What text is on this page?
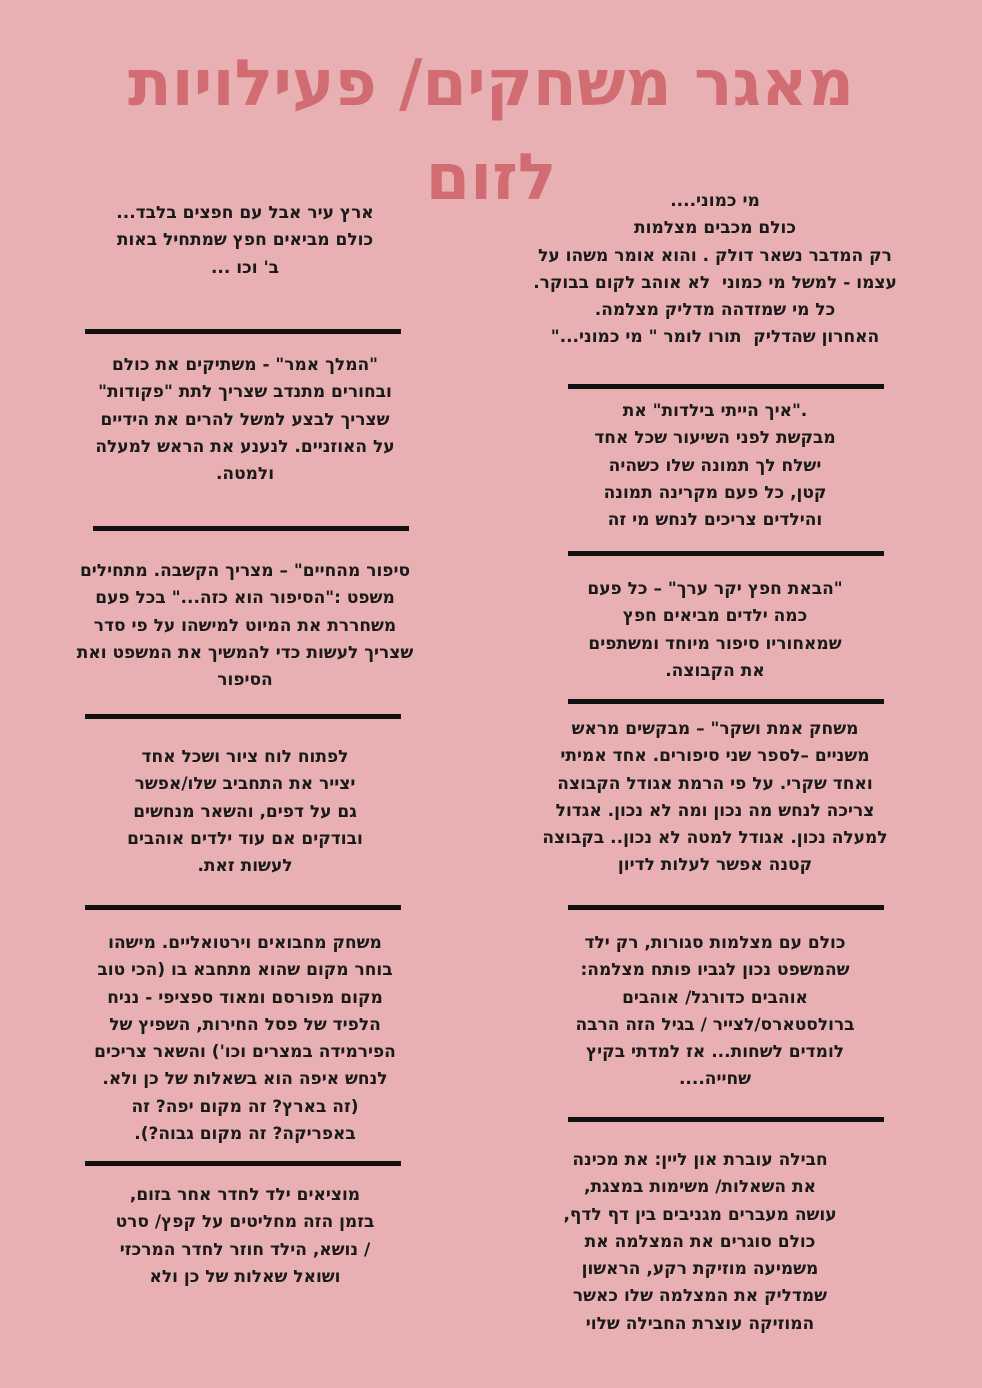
מאגר משחקים/ פעילויות
לזום	מי כמוני....
כולם מכבים מצלמות
רק המדבר נשאר דולק . והוא אומר משהו על
עצמו - למשל מי כמוני  לא אוהב לקום בבוקר.
כל מי שמזדהה מדליק מצלמה.
האחרון שהדליק  תורו לומר " מי כמוני..."
."איך הייתי בילדות" את
מבקשת לפני השיעור שכל אחד
ישלח לך תמונה שלו כשהיה
קטן, כל פעם מקרינה תמונה
והילדים צריכים לנחש מי זה
"הבאת חפץ יקר ערך" – כל פעם
כמה ילדים מביאים חפץ
שמאחוריו סיפור מיוחד ומשתפים
את הקבוצה.
משחק אמת ושקר" – מבקשים מראש
משניים –לספר שני סיפורים. אחד אמיתי
ואחד שקרי. על פי הרמת אגודל הקבוצה
צריכה לנחש מה נכון ומה לא נכון. אגדול
למעלה נכון. אגודל למטה לא נכון.. בקבוצה
קטנה אפשר לעלות לדיון
כולם עם מצלמות סגורות, רק ילד
שהמשפט נכון לגביו פותח מצלמה:
אוהבים כדורגל/ אוהבים
ברולסטארס/לצייר / בגיל הזה הרבה
לומדים לשחות... אז למדתי בקיץ
שחייה....
חבילה עוברת און ליין: את מכינה
את השאלות/ משימות במצגת,
עושה מעברים מגניבים בין דף לדף,
כולם סוגרים את המצלמה את
משמיעה מוזיקת רקע, הראשון
שמדליק את המצלמה שלו כאשר
המוזיקה עוצרת החבילה שלוי
ארץ עיר אבל עם חפצים בלבד...
כולם מביאים חפץ שמתחיל באות
ב' וכו ...
"המלך אמר" - משתיקים את כולם
ובחורים מתנדב שצריך לתת "פקודות"
שצריך לבצע למשל להרים את הידיים
על האוזניים. לנענע את הראש למעלה
ולמטה.
סיפור מהחיים" – מצריך הקשבה. מתחילים
משפט :"הסיפור הוא כזה..." בכל פעם
משחררת את המיוט למישהו על פי סדר
שצריך לעשות כדי להמשיך את המשפט ואת
הסיפור
לפתוח לוח ציור ושכל אחד
יצייר את התחביב שלו/אפשר
גם על דפים, והשאר מנחשים
ובודקים אם עוד ילדים אוהבים
לעשות זאת.
משחק מחבואים וירטואליים. מישהו
בוחר מקום שהוא מתחבא בו (הכי טוב
מקום מפורסם ומאוד ספציפי - נניח
הלפיד של פסל החירות, השפיץ של
הפירמידה במצרים וכו') והשאר צריכים
לנחש איפה הוא בשאלות של כן ולא.
(זה בארץ? זה מקום יפה? זה
באפריקה? זה מקום גבוה?).
מוציאים ילד לחדר אחר בזום,
בזמן הזה מחליטים על קפץ/ סרט
/ נושא, הילד חוזר לחדר המרכזי
ושואל שאלות של כן ולא
